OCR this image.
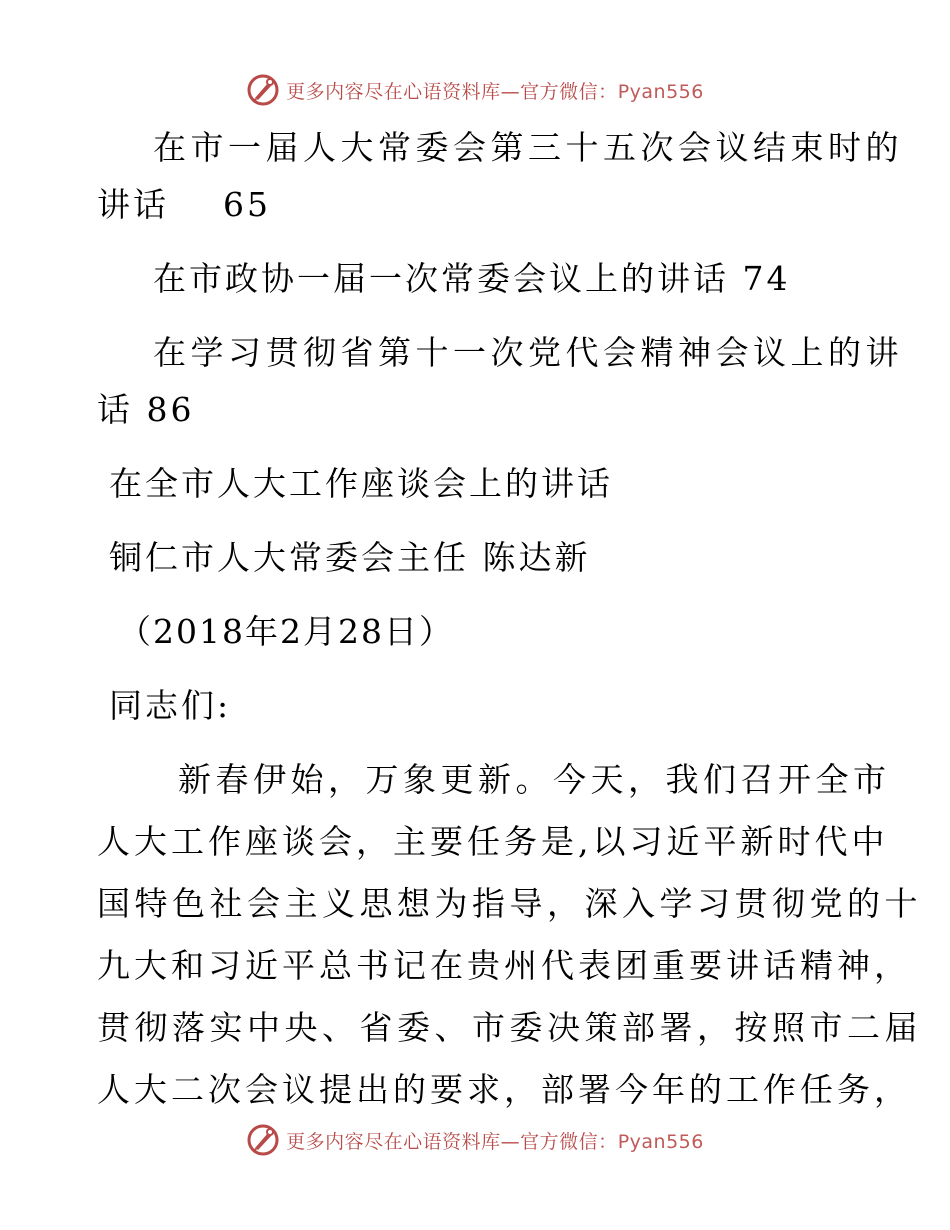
更多内容尽在心语资料库—官方微信：Pyan556
在市一届人大常委会第三十五次会议结束时的
讲话    65
在市政协一届一次常委会议上的讲话 74
在学习贯彻省第十一次党代会精神会议上的讲
话 86
在全市人大工作座谈会上的讲话
铜仁市人大常委会主任 陈达新
（2018年2月28日）
同志们:
新春伊始，万象更新。今天，我们召开全市
人大工作座谈会，主要任务是,以习近平新时代中
国特色社会主义思想为指导，深入学习贯彻党的十
九大和习近平总书记在贵州代表团重要讲话精神，
贯彻落实中央、省委、市委决策部署，按照市二届
人大二次会议提出的要求，部署今年的工作任务，
更多内容尽在心语资料库—官方微信：Pyan556
